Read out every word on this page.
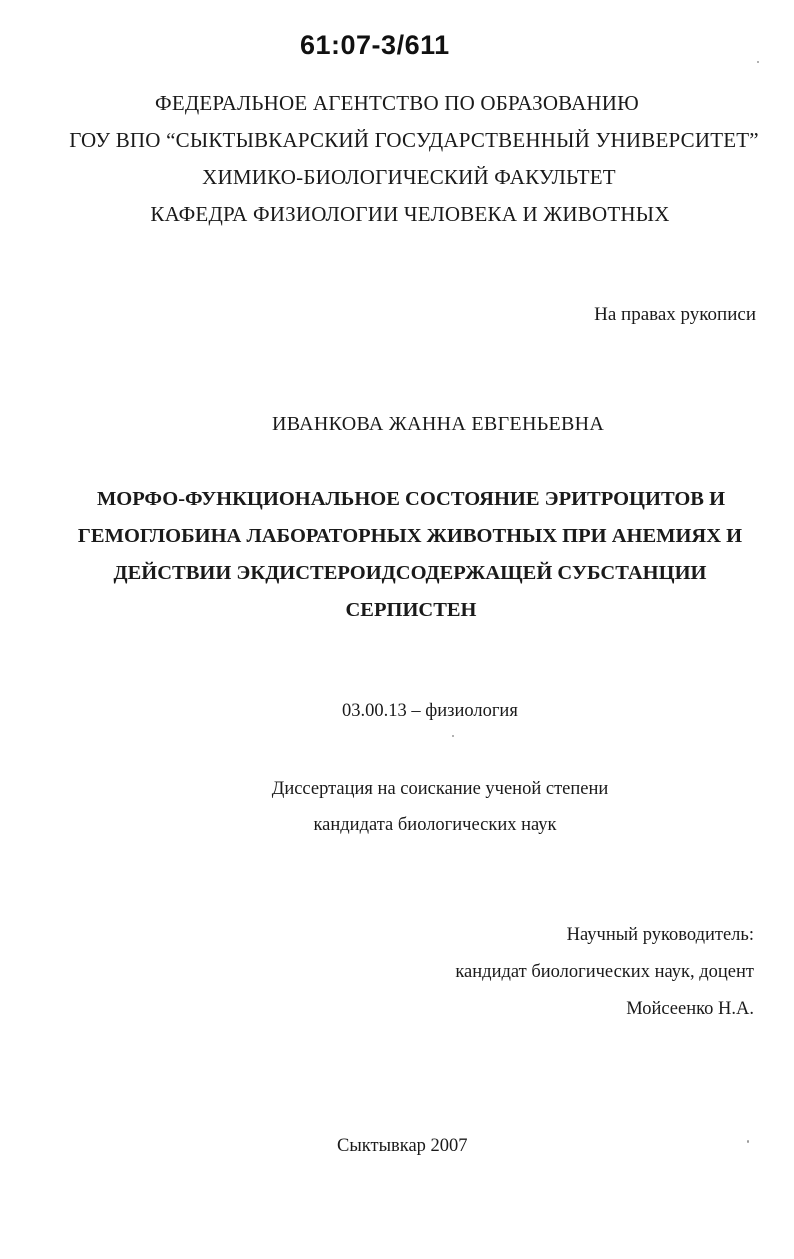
61:07-3/611
ФЕДЕРАЛЬНОЕ АГЕНТСТВО ПО ОБРАЗОВАНИЮ
ГОУ ВПО “СЫКТЫВКАРСКИЙ ГОСУДАРСТВЕННЫЙ УНИВЕРСИТЕТ”
ХИМИКО-БИОЛОГИЧЕСКИЙ ФАКУЛЬТЕТ
КАФЕДРА ФИЗИОЛОГИИ ЧЕЛОВЕКА И ЖИВОТНЫХ
На правах рукописи
ИВАНКОВА ЖАННА ЕВГЕНЬЕВНА
МОРФО-ФУНКЦИОНАЛЬНОЕ СОСТОЯНИЕ ЭРИТРОЦИТОВ И
ГЕМОГЛОБИНА ЛАБОРАТОРНЫХ ЖИВОТНЫХ ПРИ АНЕМИЯХ И
ДЕЙСТВИИ ЭКДИСТЕРОИДСОДЕРЖАЩЕЙ СУБСТАНЦИИ
СЕРПИСТЕН
03.00.13 – физиология
Диссертация на соискание ученой степени
кандидата биологических наук
Научный руководитель:
кандидат биологических наук, доцент
Мойсеенко Н.А.
Сыктывкар 2007
